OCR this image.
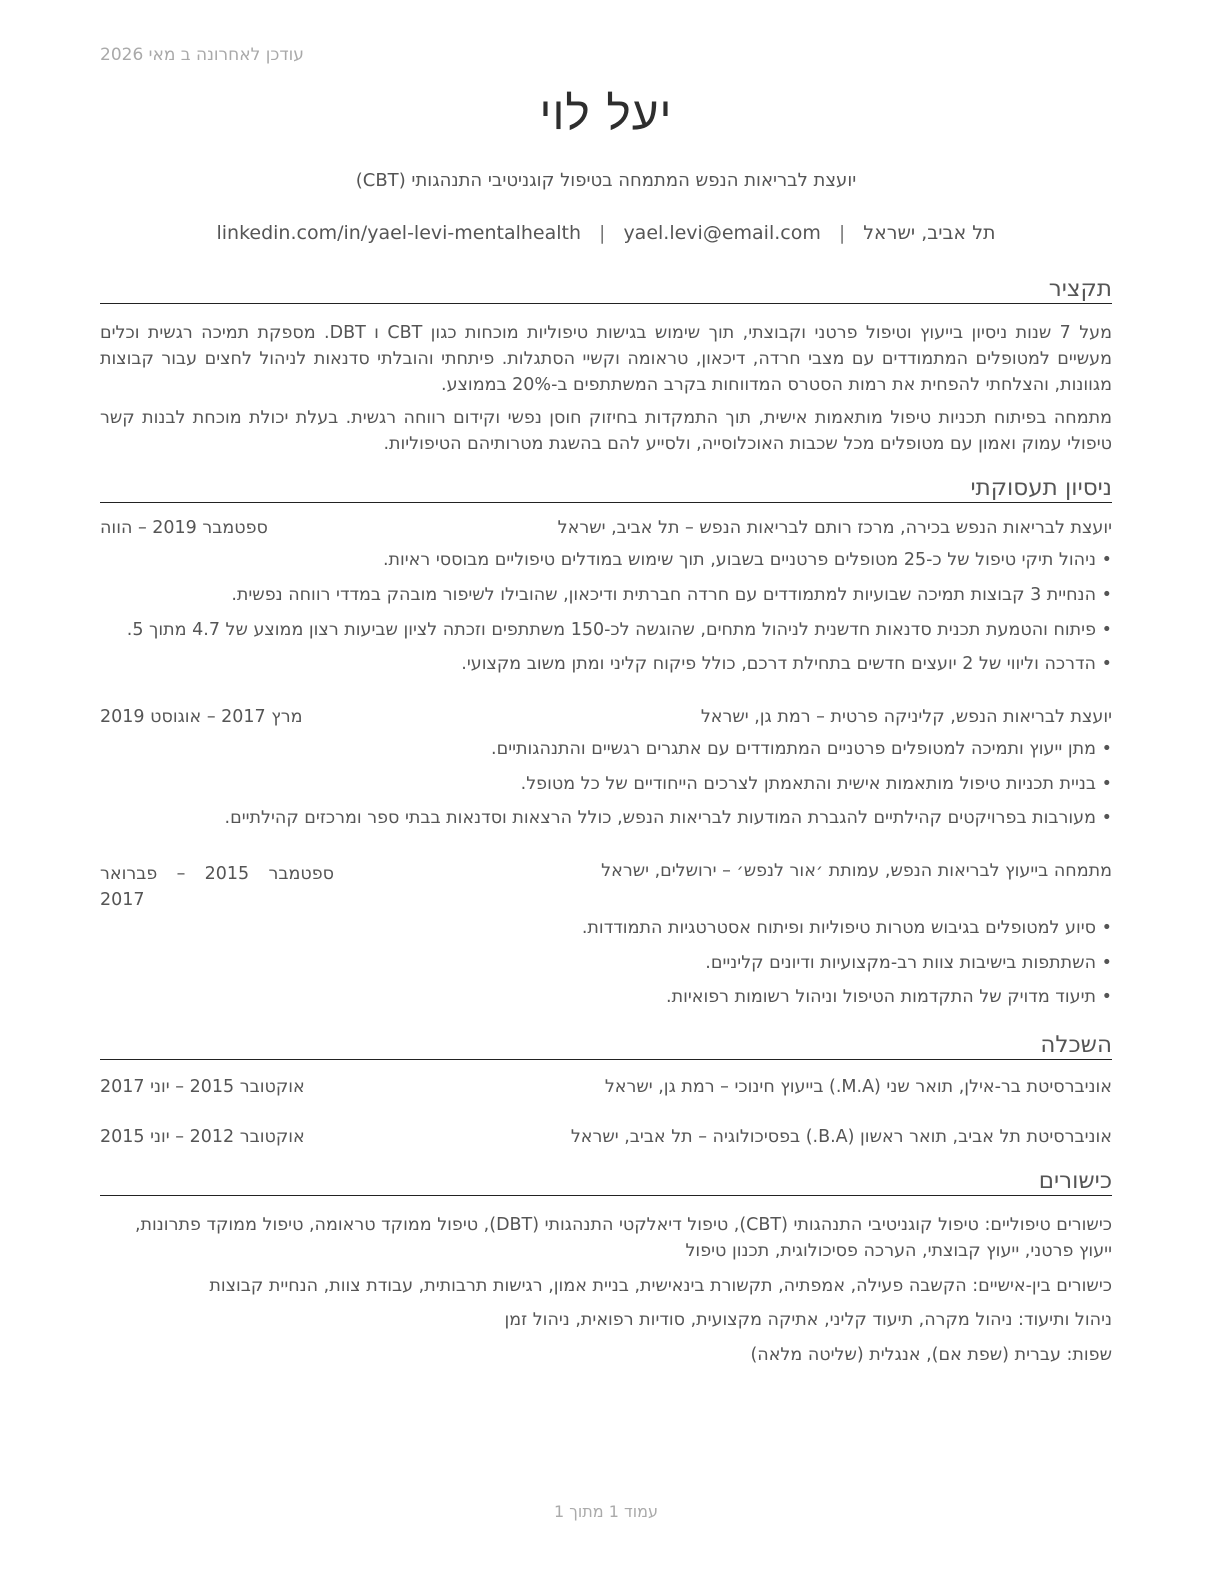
עודכן לאחרונה ב מאי 2026
יעל לוי
יועצת לבריאות הנפש המתמחה בטיפול קוגניטיבי התנהגותי (CBT)
תל אביב, ישראל|yael.levi@email.com|linkedin.com/in/yael-levi-mentalhealth
תקציר
מעל 7 שנות ניסיון בייעוץ וטיפול פרטני וקבוצתי, תוך שימוש בגישות טיפוליות מוכחות כגון CBT ו DBT. מספקת תמיכה רגשית וכלים מעשיים למטופלים המתמודדים עם מצבי חרדה, דיכאון, טראומה וקשיי הסתגלות. פיתחתי והובלתי סדנאות לניהול לחצים עבור קבוצות מגוונות, והצלחתי להפחית את רמות הסטרס המדווחות בקרב המשתתפים ב-20% בממוצע.
מתמחה בפיתוח תכניות טיפול מותאמות אישית, תוך התמקדות בחיזוק חוסן נפשי וקידום רווחה רגשית. בעלת יכולת מוכחת לבנות קשר טיפולי עמוק ואמון עם מטופלים מכל שכבות האוכלוסייה, ולסייע להם בהשגת מטרותיהם הטיפוליות.
ניסיון תעסוקתי
יועצת לבריאות הנפש בכירה, מרכז רותם לבריאות הנפש – תל אביב, ישראל
ספטמבר 2019 – הווה
• ניהול תיקי טיפול של כ-25 מטופלים פרטניים בשבוע, תוך שימוש במודלים טיפוליים מבוססי ראיות.
• הנחיית 3 קבוצות תמיכה שבועיות למתמודדים עם חרדה חברתית ודיכאון, שהובילו לשיפור מובהק במדדי רווחה נפשית.
• פיתוח והטמעת תכנית סדנאות חדשנית לניהול מתחים, שהוגשה לכ-150 משתתפים וזכתה לציון שביעות רצון ממוצע של 4.7 מתוך 5.
• הדרכה וליווי של 2 יועצים חדשים בתחילת דרכם, כולל פיקוח קליני ומתן משוב מקצועי.
יועצת לבריאות הנפש, קליניקה פרטית – רמת גן, ישראל
מרץ 2017 – אוגוסט 2019
• מתן ייעוץ ותמיכה למטופלים פרטניים המתמודדים עם אתגרים רגשיים והתנהגותיים.
• בניית תכניות טיפול מותאמות אישית והתאמתן לצרכים הייחודיים של כל מטופל.
• מעורבות בפרויקטים קהילתיים להגברת המודעות לבריאות הנפש, כולל הרצאות וסדנאות בבתי ספר ומרכזים קהילתיים.
מתמחה בייעוץ לבריאות הנפש, עמותת ׳אור לנפש׳ – ירושלים, ישראל
ספטמבר 2015 – פברואר 2017
• סיוע למטופלים בגיבוש מטרות טיפוליות ופיתוח אסטרטגיות התמודדות.
• השתתפות בישיבות צוות רב-מקצועיות ודיונים קליניים.
• תיעוד מדויק של התקדמות הטיפול וניהול רשומות רפואיות.
השכלה
אוניברסיטת בר-אילן, תואר שני (M.A.) בייעוץ חינוכי – רמת גן, ישראל
אוקטובר 2015 – יוני 2017
אוניברסיטת תל אביב, תואר ראשון (B.A.) בפסיכולוגיה – תל אביב, ישראל
אוקטובר 2012 – יוני 2015
כישורים
כישורים טיפוליים: טיפול קוגניטיבי התנהגותי (CBT), טיפול דיאלקטי התנהגותי (DBT), טיפול ממוקד טראומה, טיפול ממוקד פתרונות, ייעוץ פרטני, ייעוץ קבוצתי, הערכה פסיכולוגית, תכנון טיפול
כישורים בין-אישיים: הקשבה פעילה, אמפתיה, תקשורת בינאישית, בניית אמון, רגישות תרבותית, עבודת צוות, הנחיית קבוצות
ניהול ותיעוד: ניהול מקרה, תיעוד קליני, אתיקה מקצועית, סודיות רפואית, ניהול זמן
שפות: עברית (שפת אם), אנגלית (שליטה מלאה)
עמוד 1 מתוך 1
